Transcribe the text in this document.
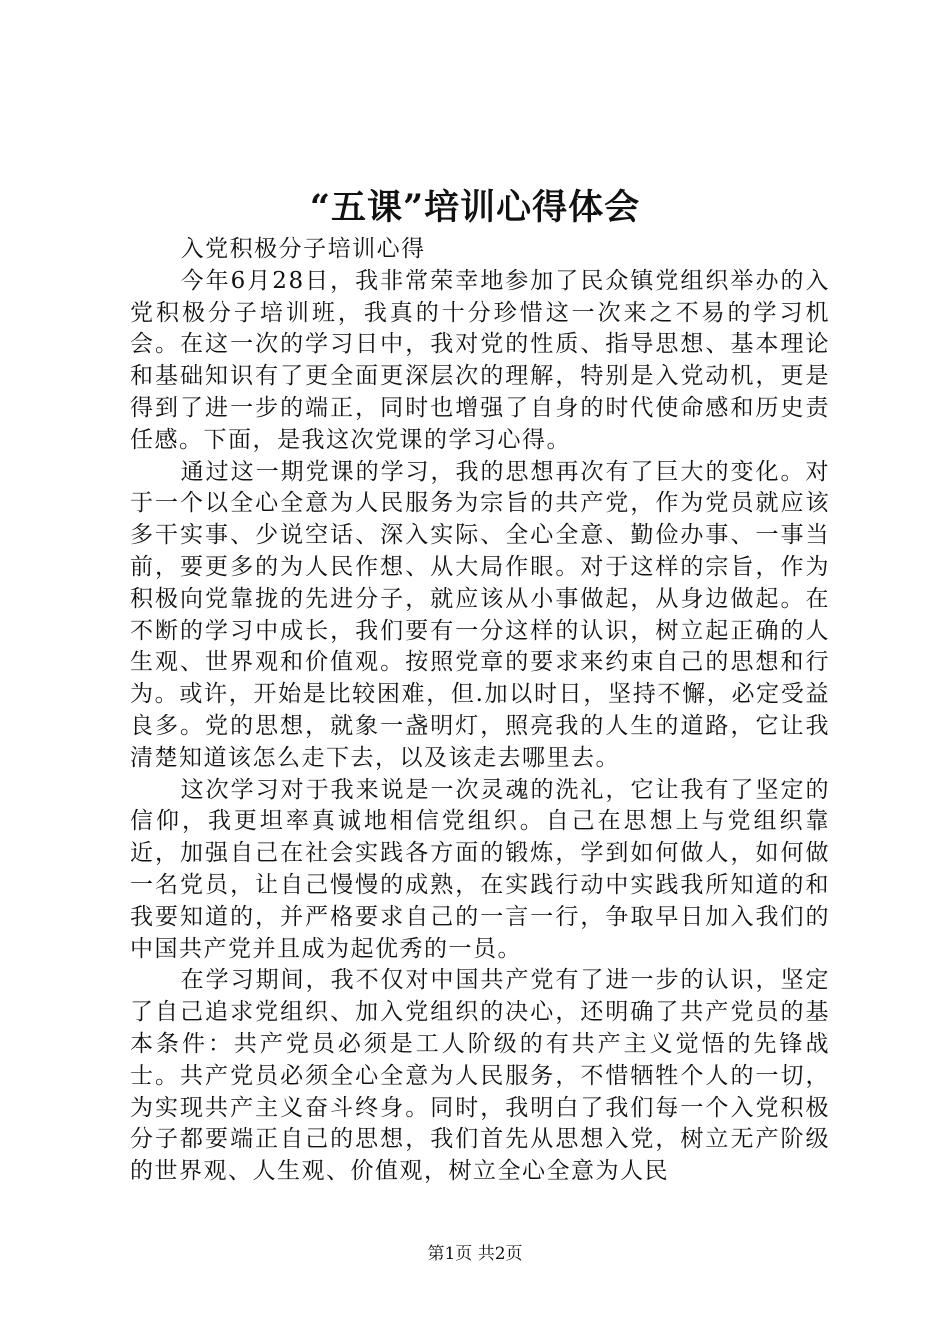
“五课”培训心得体会

入党积极分子培训心得

今年6月28日，我非常荣幸地参加了民众镇党组织举办的入党积极分子培训班，我真的十分珍惜这一次来之不易的学习机会。在这一次的学习日中，我对党的性质、指导思想、基本理论和基础知识有了更全面更深层次的理解，特别是入党动机，更是得到了进一步的端正，同时也增强了自身的时代使命感和历史责任感。下面，是我这次党课的学习心得。

通过这一期党课的学习，我的思想再次有了巨大的变化。对于一个以全心全意为人民服务为宗旨的共产党，作为党员就应该多干实事、少说空话、深入实际、全心全意、勤俭办事、一事当前，要更多的为人民作想、从大局作眼。对于这样的宗旨，作为积极向党靠拢的先进分子，就应该从小事做起，从身边做起。在不断的学习中成长，我们要有一分这样的认识，树立起正确的人生观、世界观和价值观。按照党章的要求来约束自己的思想和行为。或许，开始是比较困难，但.加以时日，坚持不懈，必定受益良多。党的思想，就象一盏明灯，照亮我的人生的道路，它让我清楚知道该怎么走下去，以及该走去哪里去。

这次学习对于我来说是一次灵魂的洗礼，它让我有了坚定的信仰，我更坦率真诚地相信党组织。自己在思想上与党组织靠近，加强自己在社会实践各方面的锻炼，学到如何做人，如何做一名党员，让自己慢慢的成熟，在实践行动中实践我所知道的和我要知道的，并严格要求自己的一言一行，争取早日加入我们的中国共产党并且成为起优秀的一员。

在学习期间，我不仅对中国共产党有了进一步的认识，坚定了自己追求党组织、加入党组织的决心，还明确了共产党员的基本条件：共产党员必须是工人阶级的有共产主义觉悟的先锋战士。共产党员必须全心全意为人民服务，不惜牺牲个人的一切，为实现共产主义奋斗终身。同时，我明白了我们每一个入党积极分子都要端正自己的思想，我们首先从思想入党，树立无产阶级的世界观、人生观、价值观，树立全心全意为人民

第1页 共2页
